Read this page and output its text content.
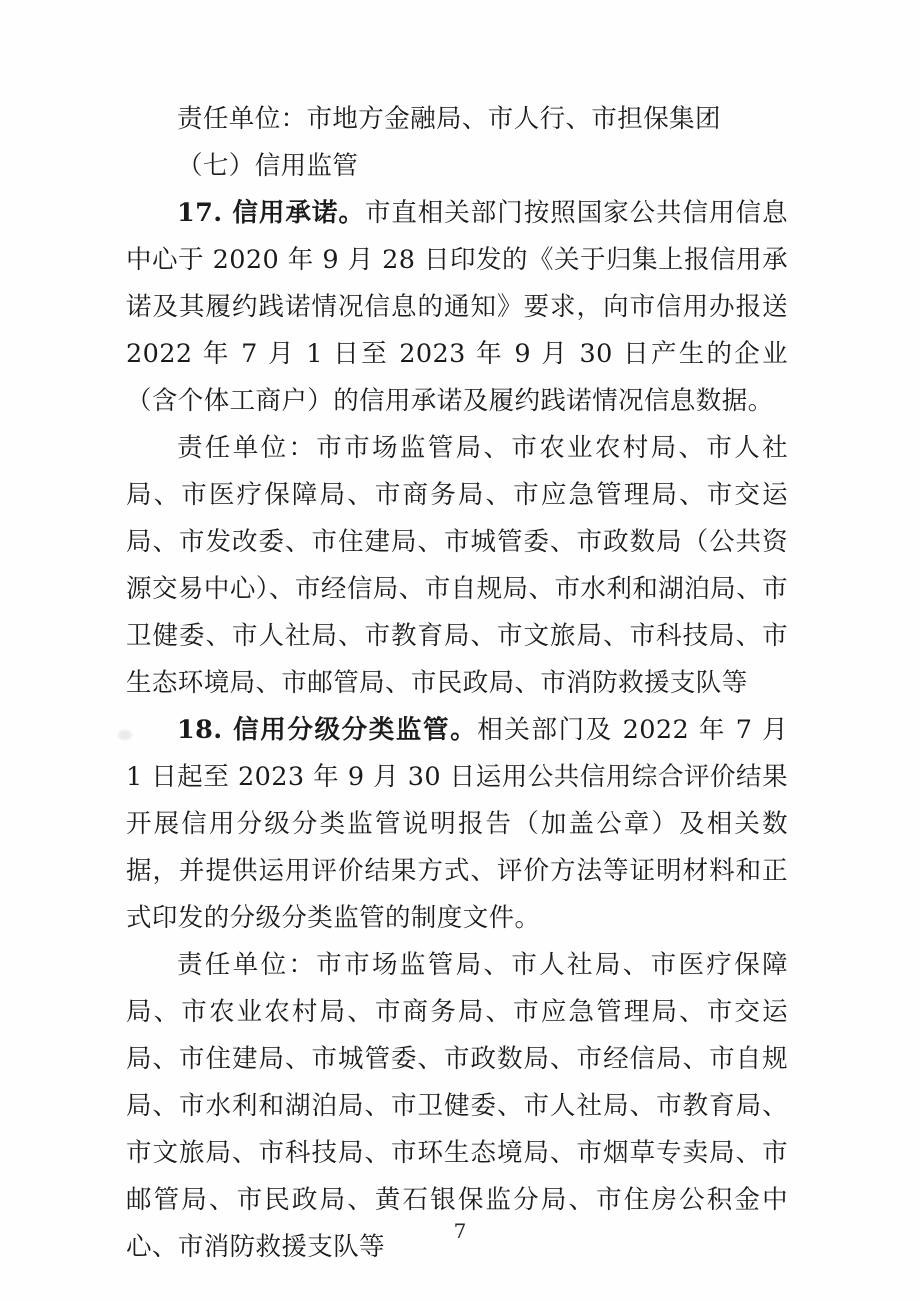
责任单位：市地方金融局、市人行、市担保集团

（七）信用监管

17. 信用承诺。市直相关部门按照国家公共信用信息中心于 2020 年 9 月 28 日印发的《关于归集上报信用承诺及其履约践诺情况信息的通知》要求，向市信用办报送 2022 年 7 月 1 日至 2023 年 9 月 30 日产生的企业（含个体工商户）的信用承诺及履约践诺情况信息数据。

责任单位：市市场监管局、市农业农村局、市人社局、市医疗保障局、市商务局、市应急管理局、市交运局、市发改委、市住建局、市城管委、市政数局（公共资源交易中心）、市经信局、市自规局、市水利和湖泊局、市卫健委、市人社局、市教育局、市文旅局、市科技局、市生态环境局、市邮管局、市民政局、市消防救援支队等

18. 信用分级分类监管。相关部门及 2022 年 7 月 1 日起至 2023 年 9 月 30 日运用公共信用综合评价结果开展信用分级分类监管说明报告（加盖公章）及相关数据，并提供运用评价结果方式、评价方法等证明材料和正式印发的分级分类监管的制度文件。

责任单位：市市场监管局、市人社局、市医疗保障局、市农业农村局、市商务局、市应急管理局、市交运局、市住建局、市城管委、市政数局、市经信局、市自规局、市水利和湖泊局、市卫健委、市人社局、市教育局、市文旅局、市科技局、市环生态境局、市烟草专卖局、市邮管局、市民政局、黄石银保监分局、市住房公积金中心、市消防救援支队等

7
